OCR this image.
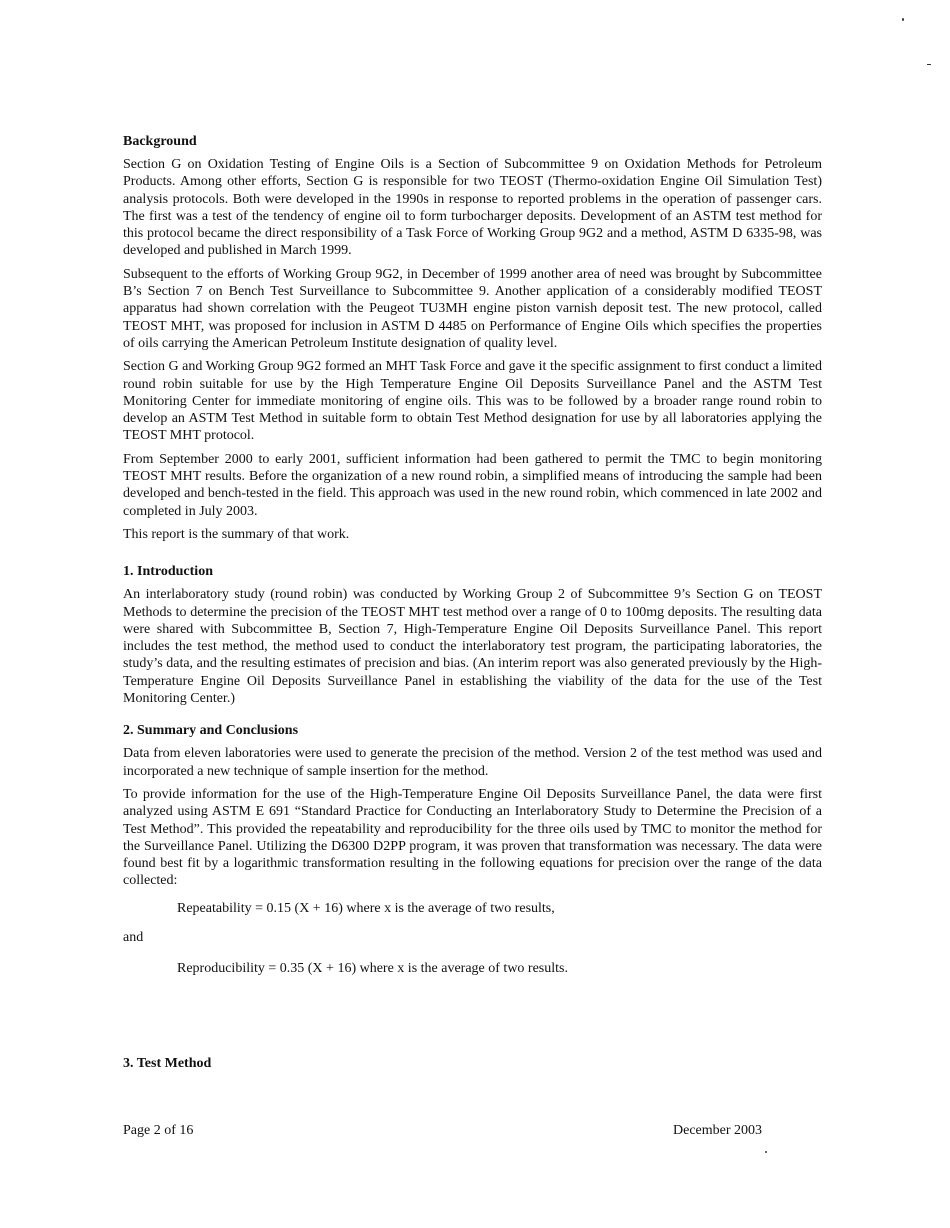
Background

Section G on Oxidation Testing of Engine Oils is a Section of Subcommittee 9 on Oxidation Methods for Petroleum Products. Among other efforts, Section G is responsible for two TEOST (Thermo-oxidation Engine Oil Simulation Test) analysis protocols. Both were developed in the 1990s in response to reported problems in the operation of passenger cars. The first was a test of the tendency of engine oil to form turbocharger deposits. Development of an ASTM test method for this protocol became the direct responsibility of a Task Force of Working Group 9G2 and a method, ASTM D 6335-98, was developed and published in March 1999.

Subsequent to the efforts of Working Group 9G2, in December of 1999 another area of need was brought by Subcommittee B’s Section 7 on Bench Test Surveillance to Subcommittee 9. Another application of a considerably modified TEOST apparatus had shown correlation with the Peugeot TU3MH engine piston varnish deposit test. The new protocol, called TEOST MHT, was proposed for inclusion in ASTM D 4485 on Performance of Engine Oils which specifies the properties of oils carrying the American Petroleum Institute designation of quality level.

Section G and Working Group 9G2 formed an MHT Task Force and gave it the specific assignment to first conduct a limited round robin suitable for use by the High Temperature Engine Oil Deposits Surveillance Panel and the ASTM Test Monitoring Center for immediate monitoring of engine oils. This was to be followed by a broader range round robin to develop an ASTM Test Method in suitable form to obtain Test Method designation for use by all laboratories applying the TEOST MHT protocol.

From September 2000 to early 2001, sufficient information had been gathered to permit the TMC to begin monitoring TEOST MHT results. Before the organization of a new round robin, a simplified means of introducing the sample had been developed and bench-tested in the field. This approach was used in the new round robin, which commenced in late 2002 and completed in July 2003.

This report is the summary of that work.

1. Introduction

An interlaboratory study (round robin) was conducted by Working Group 2 of Subcommittee 9’s Section G on TEOST Methods to determine the precision of the TEOST MHT test method over a range of 0 to 100mg deposits. The resulting data were shared with Subcommittee B, Section 7, High-Temperature Engine Oil Deposits Surveillance Panel. This report includes the test method, the method used to conduct the interlaboratory test program, the participating laboratories, the study’s data, and the resulting estimates of precision and bias. (An interim report was also generated previously by the High-Temperature Engine Oil Deposits Surveillance Panel in establishing the viability of the data for the use of the Test Monitoring Center.)

2. Summary and Conclusions

Data from eleven laboratories were used to generate the precision of the method. Version 2 of the test method was used and incorporated a new technique of sample insertion for the method.

To provide information for the use of the High-Temperature Engine Oil Deposits Surveillance Panel, the data were first analyzed using ASTM E 691 “Standard Practice for Conducting an Interlaboratory Study to Determine the Precision of a Test Method”. This provided the repeatability and reproducibility for the three oils used by TMC to monitor the method for the Surveillance Panel. Utilizing the D6300 D2PP program, it was proven that transformation was necessary. The data were found best fit by a logarithmic transformation resulting in the following equations for precision over the range of the data collected:

Repeatability = 0.15 (X + 16) where x is the average of two results,
and
Reproducibility = 0.35 (X + 16) where x is the average of two results.
3. Test Method
Page 2 of 16	December 2003
